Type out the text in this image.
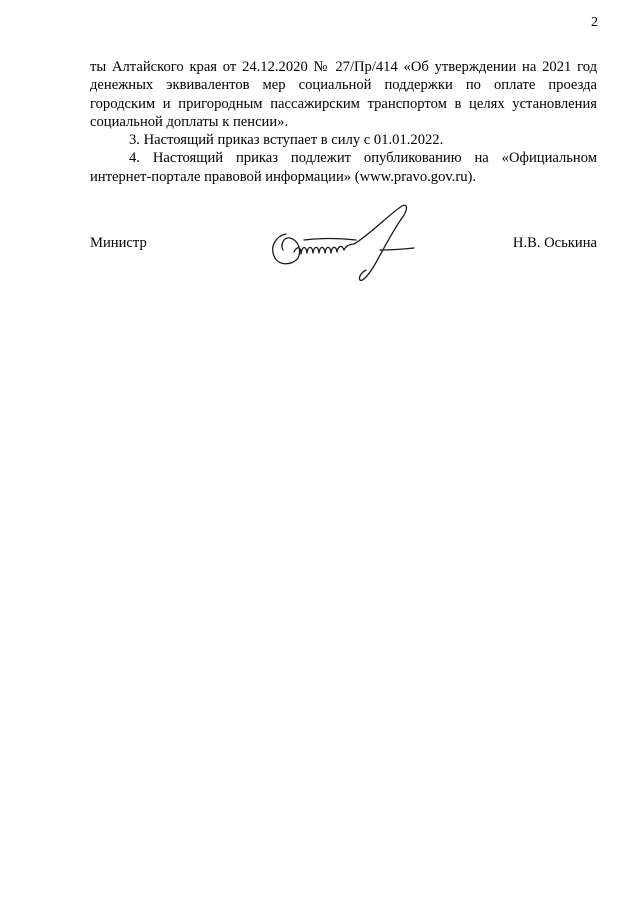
2

ты Алтайского края от 24.12.2020 № 27/Пр/414 «Об утверждении на 2021 год денежных эквивалентов мер социальной поддержки по оплате проезда городским и пригородным пассажирским транспортом в целях установления социальной доплаты к пенсии».

3. Настоящий приказ вступает в силу с 01.01.2022.

4. Настоящий приказ подлежит опубликованию на «Официальном интернет-портале правовой информации» (www.pravo.gov.ru).

Министр	Н.В. Оськина
